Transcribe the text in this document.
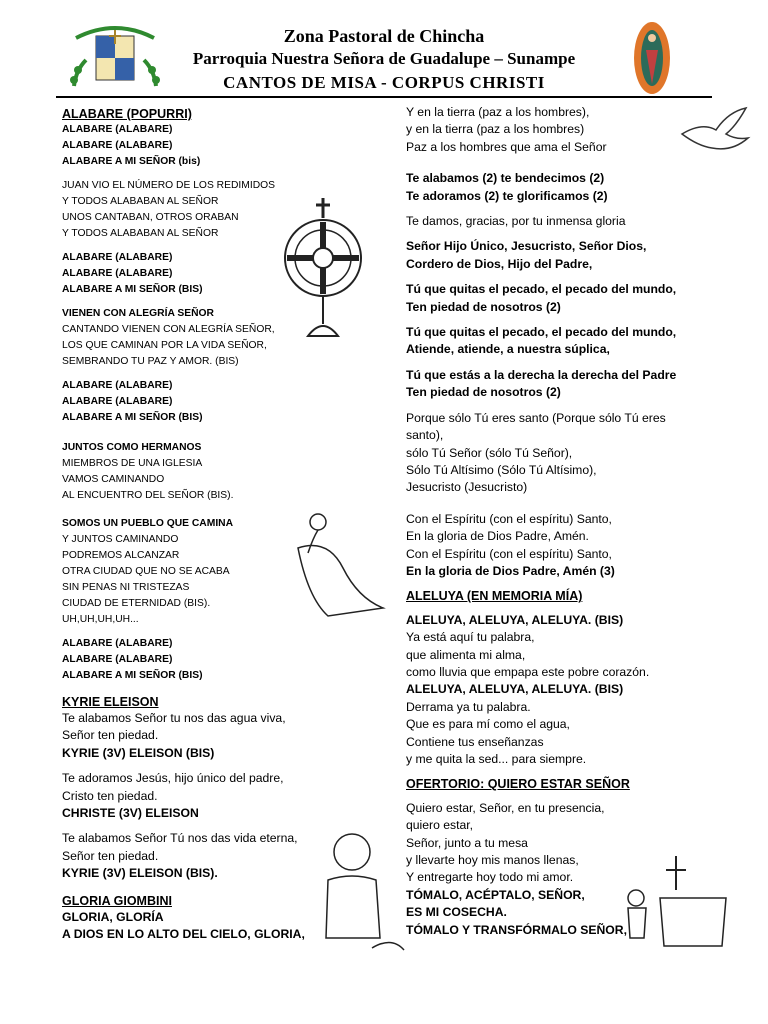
Zona Pastoral de Chincha
Parroquia Nuestra Señora de Guadalupe – Sunampe
CANTOS DE MISA - CORPUS CHRISTI
ALABARE (POPURRI)
ALABARE (ALABARE)
ALABARE (ALABARE)
ALABARE A MI SEÑOR (bis)
JUAN VIO EL NÚMERO DE LOS REDIMIDOS
Y TODOS ALABABAN AL SEÑOR
UNOS CANTABAN, OTROS ORABAN
Y TODOS ALABABAN AL SEÑOR
ALABARE (ALABARE)
ALABARE (ALABARE)
ALABARE A MI SEÑOR (BIS)
VIENEN CON ALEGRÍA SEÑOR
CANTANDO VIENEN CON ALEGRÍA SEÑOR,
LOS QUE CAMINAN POR LA VIDA SEÑOR,
SEMBRANDO TU PAZ Y AMOR. (BIS)
ALABARE (ALABARE)
ALABARE (ALABARE)
ALABARE A MI SEÑOR (BIS)
JUNTOS COMO HERMANOS
MIEMBROS DE UNA IGLESIA
VAMOS CAMINANDO
AL ENCUENTRO DEL SEÑOR (BIS).
SOMOS UN PUEBLO QUE CAMINA
Y JUNTOS CAMINANDO
PODREMOS ALCANZAR
OTRA CIUDAD QUE NO SE ACABA
SIN PENAS NI TRISTEZAS
CIUDAD DE ETERNIDAD (BIS).
UH,UH,UH,UH...
ALABARE (ALABARE)
ALABARE (ALABARE)
ALABARE A MI SEÑOR (BIS)
KYRIE ELEISON
Te alabamos Señor tu nos das agua viva,
Señor ten piedad.
KYRIE (3V) ELEISON (BIS)
Te adoramos Jesús, hijo único del padre,
Cristo ten piedad.
CHRISTE (3V) ELEISON
Te alabamos Señor Tú nos das vida eterna,
Señor ten piedad.
KYRIE (3V) ELEISON (BIS).
GLORIA GIOMBINI
GLORIA, GLORÍA
A DIOS EN LO ALTO DEL CIELO, GLORIA,
Y en la tierra (paz a los hombres),
y en la tierra (paz a los hombres)
Paz a los hombres que ama el Señor
Te alabamos (2) te bendecimos (2)
Te adoramos (2) te glorificamos (2)
Te damos, gracias, por tu inmensa gloria
Señor Hijo Único, Jesucristo, Señor Dios,
Cordero de Dios, Hijo del Padre,
Tú que quitas el pecado, el pecado del mundo,
Ten piedad de nosotros (2)
Tú que quitas el pecado, el pecado del mundo,
Atiende, atiende, a nuestra súplica,
Tú que estás a la derecha la derecha del Padre
Ten piedad de nosotros (2)
Porque sólo Tú eres santo (Porque sólo Tú eres
santo),
sólo Tú Señor (sólo Tú Señor),
Sólo Tú Altísimo (Sólo Tú Altísimo),
Jesucristo (Jesucristo)
Con el Espíritu (con el espíritu) Santo,
En la gloria de Dios Padre, Amén.
Con el Espíritu (con el espíritu) Santo,
En la gloria de Dios Padre, Amén (3)
ALELUYA (EN MEMORIA MÍA)
ALELUYA, ALELUYA, ALELUYA. (BIS)
Ya está aquí tu palabra,
que alimenta mi alma,
como lluvia que empapa este pobre corazón.
ALELUYA, ALELUYA, ALELUYA. (BIS)
Derrama ya tu palabra.
Que es para mí como el agua,
Contiene tus enseñanzas
y me quita la sed... para siempre.
OFERTORIO: QUIERO ESTAR SEÑOR
Quiero estar, Señor, en tu presencia,
quiero estar,
Señor, junto a tu mesa
y llevarte hoy mis manos llenas,
Y entregarte hoy todo mi amor.
TÓMALO, ACÉPTALO, SEÑOR,
ES MI COSECHA.
TÓMALO Y TRANSFÓRMALO SEÑOR,
